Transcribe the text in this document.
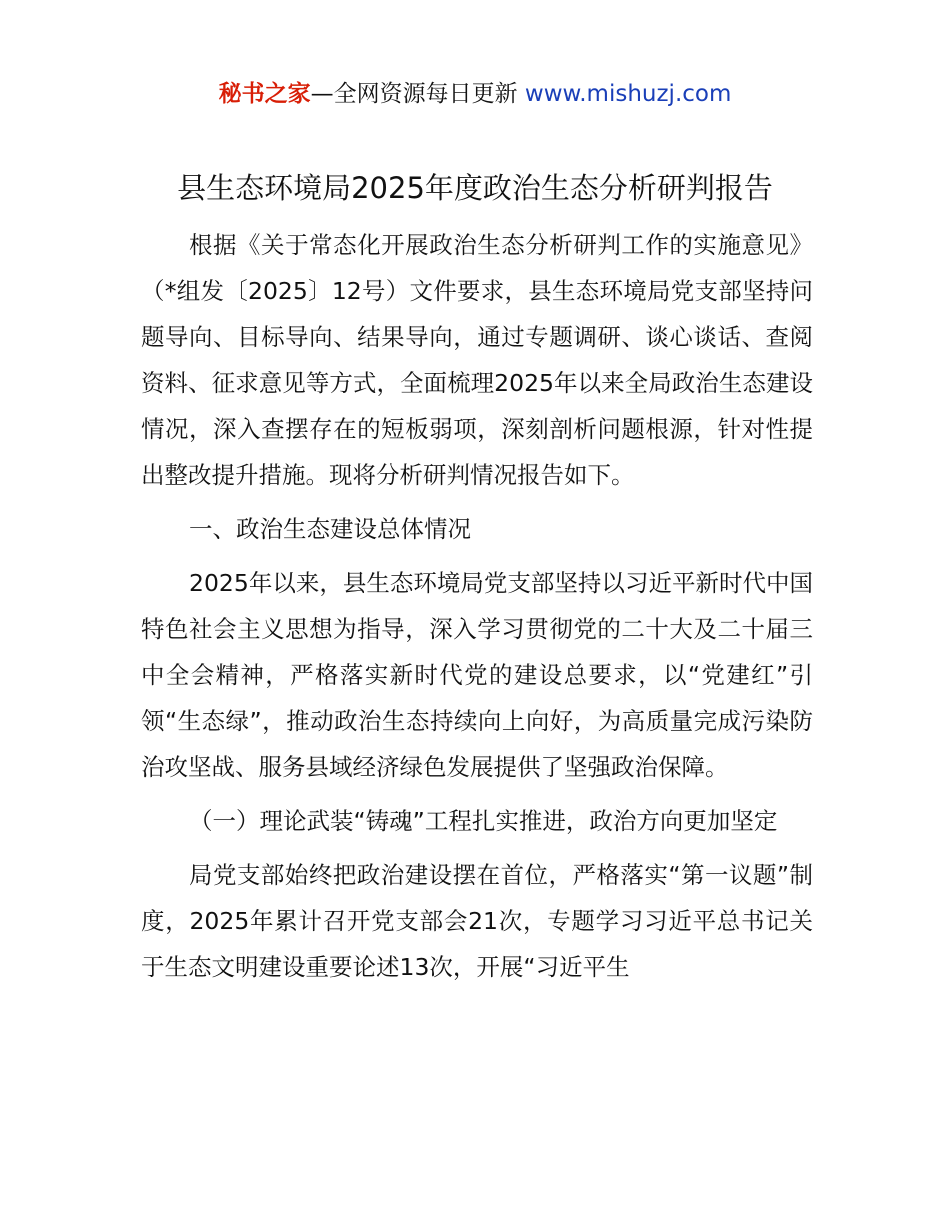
秘书之家—全网资源每日更新 www.mishuzj.com
县生态环境局2025年度政治生态分析研判报告

根据《关于常态化开展政治生态分析研判工作的实施意见》（*组发〔2025〕12号）文件要求，县生态环境局党支部坚持问题导向、目标导向、结果导向，通过专题调研、谈心谈话、查阅资料、征求意见等方式，全面梳理2025年以来全局政治生态建设情况，深入查摆存在的短板弱项，深刻剖析问题根源，针对性提出整改提升措施。现将分析研判情况报告如下。

一、政治生态建设总体情况

2025年以来，县生态环境局党支部坚持以习近平新时代中国特色社会主义思想为指导，深入学习贯彻党的二十大及二十届三中全会精神，严格落实新时代党的建设总要求，以“党建红”引领“生态绿”，推动政治生态持续向上向好，为高质量完成污染防治攻坚战、服务县域经济绿色发展提供了坚强政治保障。

（一）理论武装“铸魂”工程扎实推进，政治方向更加坚定

局党支部始终把政治建设摆在首位，严格落实“第一议题”制度，2025年累计召开党支部会21次，专题学习习近平总书记关于生态文明建设重要论述13次，开展“习近平生
